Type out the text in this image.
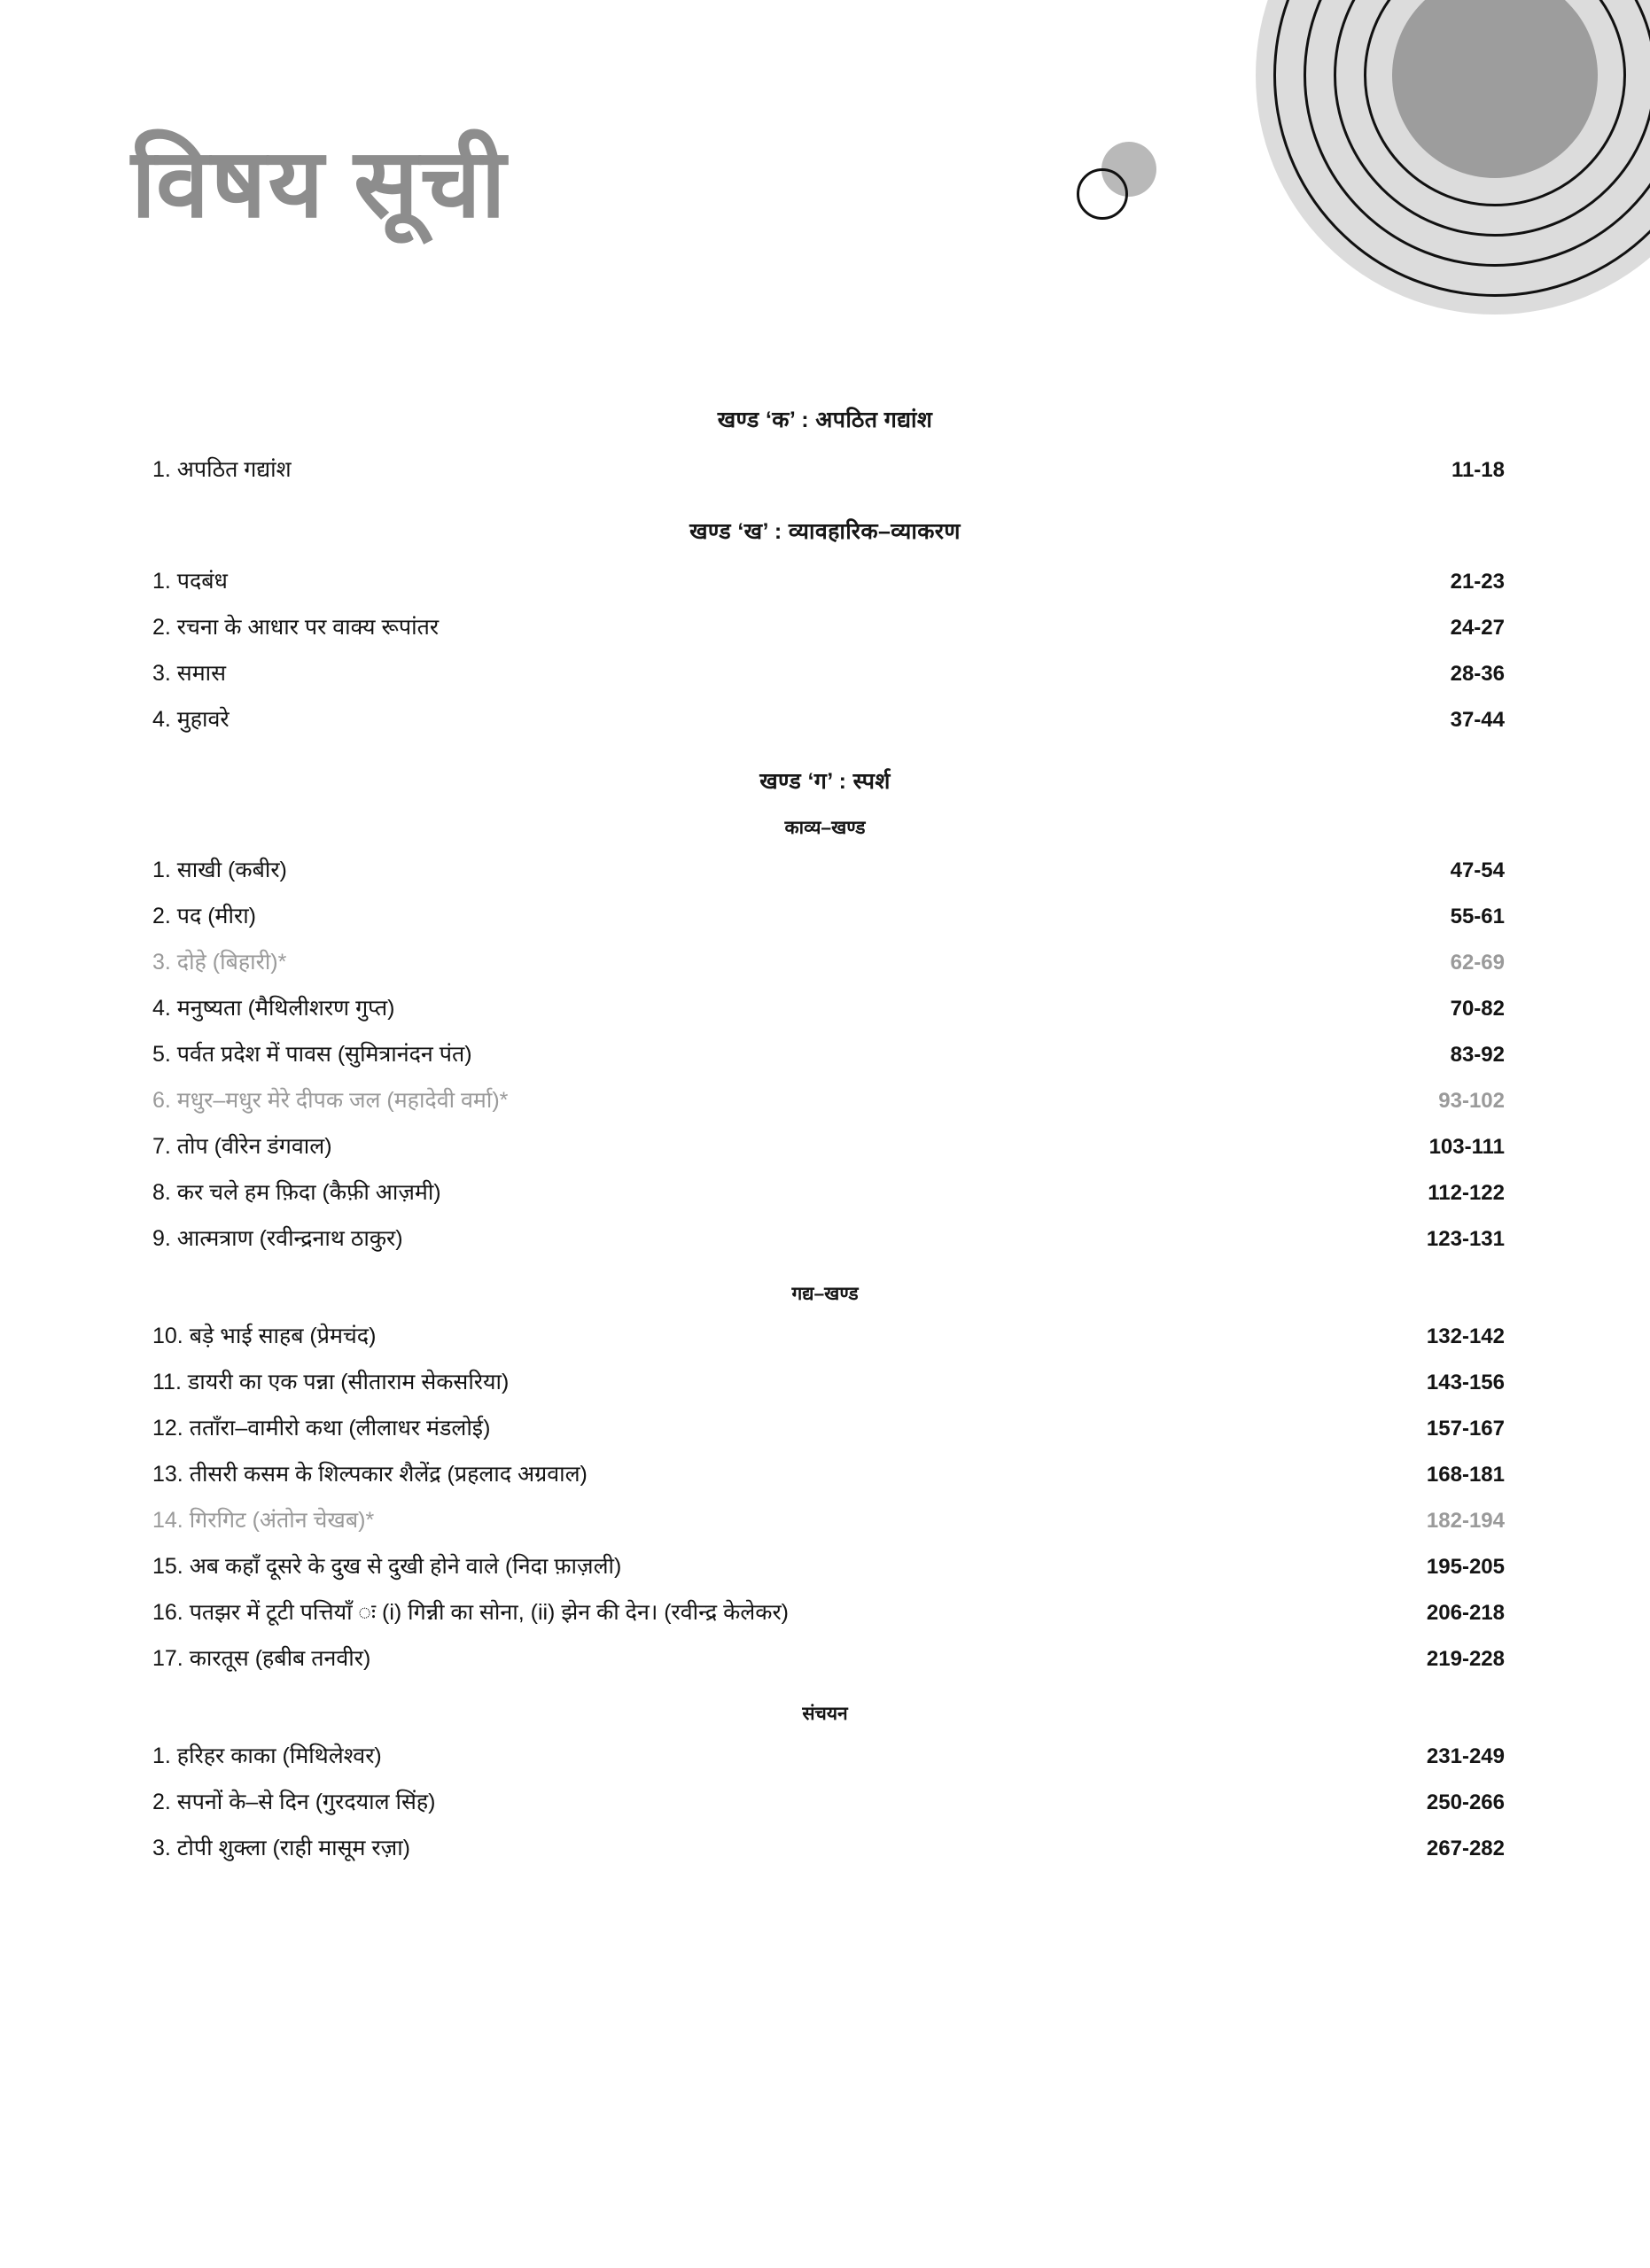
विषय सूची
खण्ड ‘क’ : अपठित गद्यांश
1. अपठित गद्यांश	11-18
खण्ड ‘ख’ : व्यावहारिक–व्याकरण
1. पदबंध	21-23
2. रचना के आधार पर वाक्य रूपांतर	24-27
3. समास	28-36
4. मुहावरे	37-44
खण्ड ‘ग’ : स्पर्श
काव्य–खण्ड
1. साखी (कबीर)	47-54
2. पद (मीरा)	55-61
3. दोहे (बिहारी)*	62-69
4. मनुष्यता (मैथिलीशरण गुप्त)	70-82
5. पर्वत प्रदेश में पावस (सुमित्रानंदन पंत)	83-92
6. मधुर–मधुर मेरे दीपक जल (महादेवी वर्मा)*	93-102
7. तोप (वीरेन डंगवाल)	103-111
8. कर चले हम फ़िदा (कैफ़ी आज़मी)	112-122
9. आत्मत्राण (रवीन्द्रनाथ ठाकुर)	123-131
गद्य–खण्ड
10. बड़े भाई साहब (प्रेमचंद)	132-142
11. डायरी का एक पन्ना (सीताराम सेकसरिया)	143-156
12. तताँरा–वामीरो कथा (लीलाधर मंडलोई)	157-167
13. तीसरी कसम के शिल्पकार शैलेंद्र (प्रहलाद अग्रवाल)	168-181
14. गिरगिट (अंतोन चेखब)*	182-194
15. अब कहाँ दूसरे के दुख से दुखी होने वाले (निदा फ़ाज़ली)	195-205
16. पतझर में टूटी पत्तियाँ ः (i) गिन्नी का सोना, (ii) झेन की देन। (रवीन्द्र केलेकर)	206-218
17. कारतूस (हबीब तनवीर)	219-228
संचयन
1. हरिहर काका (मिथिलेश्वर)	231-249
2. सपनों के–से दिन (गुरदयाल सिंह)	250-266
3. टोपी शुक्ला (राही मासूम रज़ा)	267-282
